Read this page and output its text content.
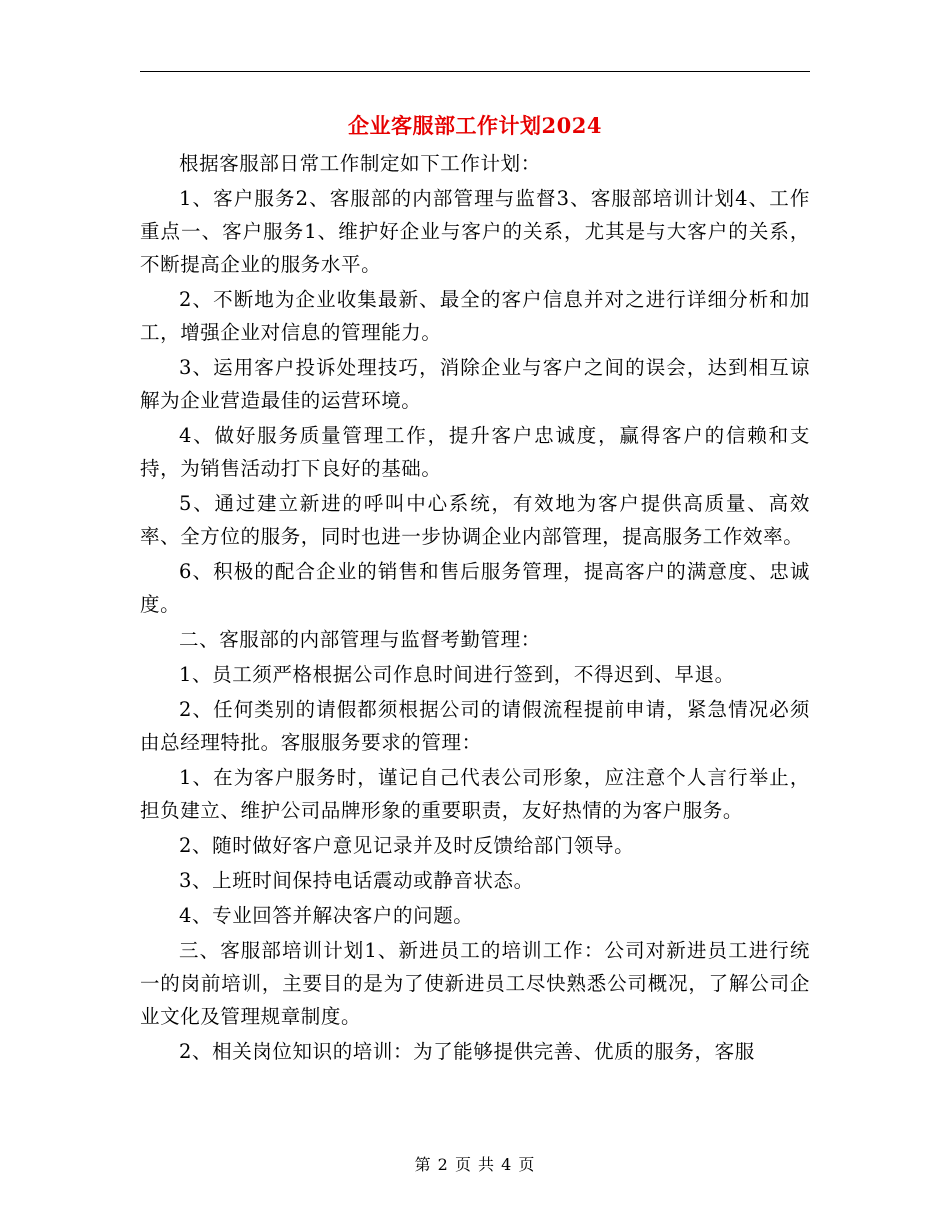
企业客服部工作计划2024

根据客服部日常工作制定如下工作计划：

1、客户服务2、客服部的内部管理与监督3、客服部培训计划4、工作重点一、客户服务1、维护好企业与客户的关系，尤其是与大客户的关系，不断提高企业的服务水平。

2、不断地为企业收集最新、最全的客户信息并对之进行详细分析和加工，增强企业对信息的管理能力。

3、运用客户投诉处理技巧，消除企业与客户之间的误会，达到相互谅解为企业营造最佳的运营环境。

4、做好服务质量管理工作，提升客户忠诚度，赢得客户的信赖和支持，为销售活动打下良好的基础。

5、通过建立新进的呼叫中心系统，有效地为客户提供高质量、高效率、全方位的服务，同时也进一步协调企业内部管理，提高服务工作效率。

6、积极的配合企业的销售和售后服务管理，提高客户的满意度、忠诚度。

二、客服部的内部管理与监督考勤管理：

1、员工须严格根据公司作息时间进行签到，不得迟到、早退。

2、任何类别的请假都须根据公司的请假流程提前申请，紧急情况必须由总经理特批。客服服务要求的管理：

1、在为客户服务时，谨记自己代表公司形象，应注意个人言行举止，担负建立、维护公司品牌形象的重要职责，友好热情的为客户服务。

2、随时做好客户意见记录并及时反馈给部门领导。

3、上班时间保持电话震动或静音状态。

4、专业回答并解决客户的问题。

三、客服部培训计划1、新进员工的培训工作：公司对新进员工进行统一的岗前培训，主要目的是为了使新进员工尽快熟悉公司概况，了解公司企业文化及管理规章制度。

2、相关岗位知识的培训：为了能够提供完善、优质的服务，客服

第 2 页 共 4 页
